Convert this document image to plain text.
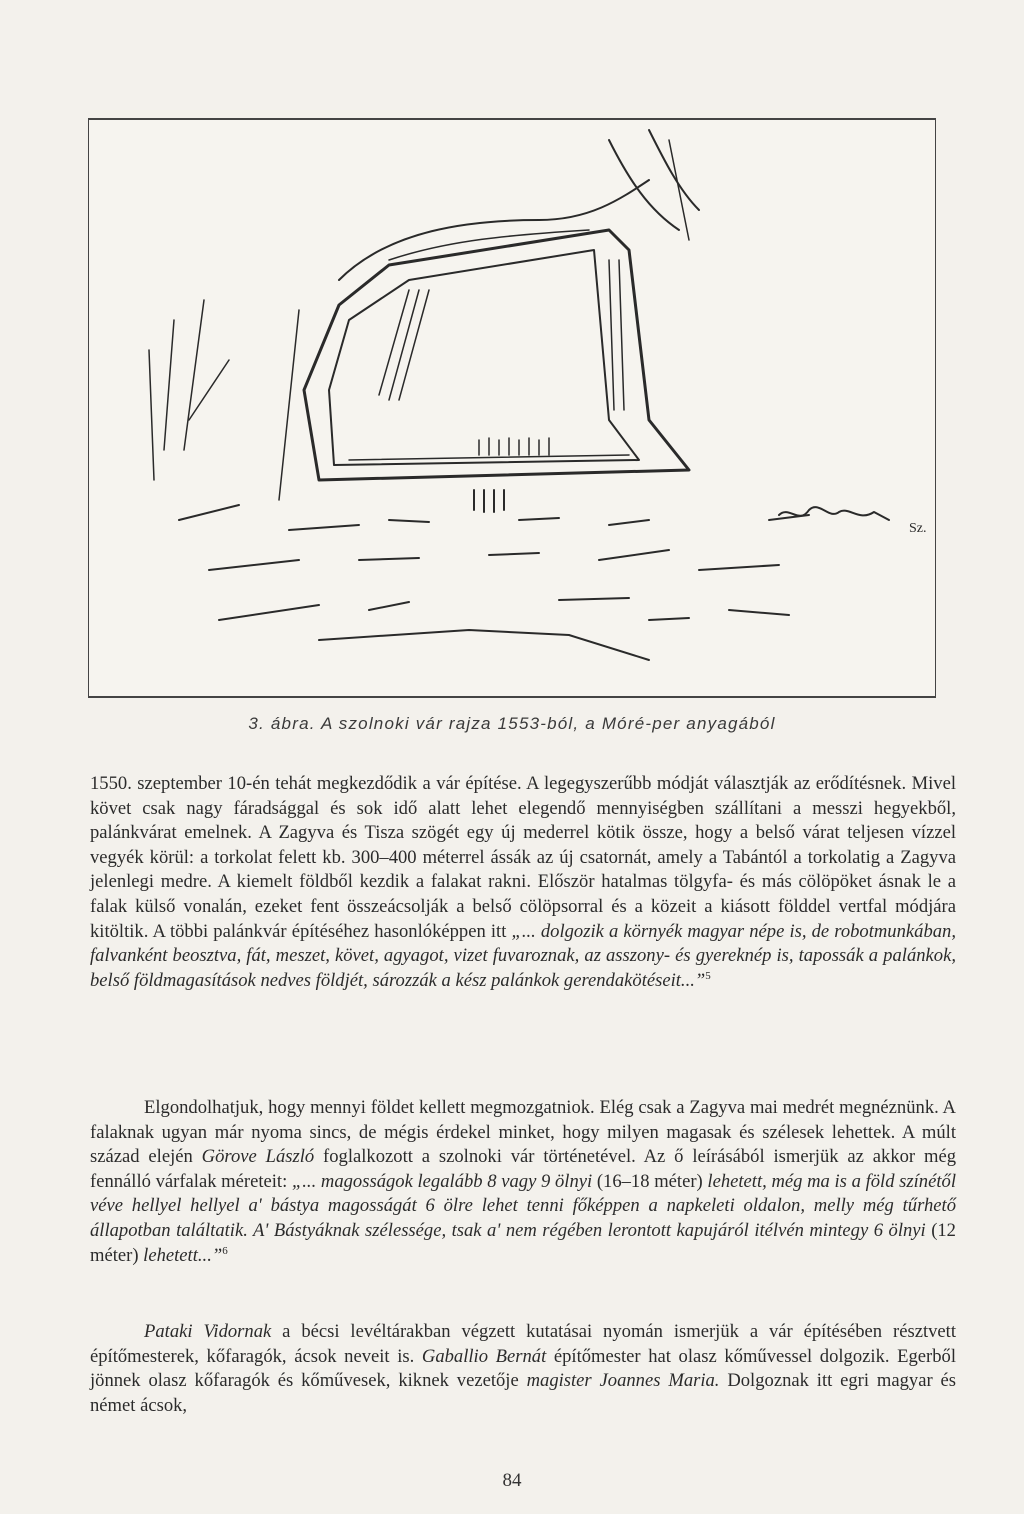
Sz.
3. ábra. A szolnoki vár rajza 1553-ból, a Móré-per anyagából

1550. szeptember 10-én tehát megkezdődik a vár építése. A legegyszerűbb módját választják az erődítésnek. Mivel követ csak nagy fáradsággal és sok idő alatt lehet elegendő mennyiségben szállítani a messzi hegyekből, palánkvárat emelnek. A Zagyva és Tisza szögét egy új mederrel kötik össze, hogy a belső várat teljesen vízzel vegyék körül: a torkolat felett kb. 300–400 méterrel ássák az új csatornát, amely a Tabántól a torkolatig a Zagyva jelenlegi medre. A kiemelt földből kezdik a falakat rakni. Először hatalmas tölgyfa- és más cölöpöket ásnak le a falak külső vonalán, ezeket fent összeácsolják a belső cölöpsorral és a közeit a kiásott földdel vertfal módjára kitöltik. A többi palánkvár építéséhez hasonlóképpen itt „... dolgozik a környék magyar népe is, de robotmunkában, falvanként beosztva, fát, meszet, követ, agyagot, vizet fuvaroznak, az asszony- és gyereknép is, tapossák a palánkok, belső földmagasítások nedves földjét, sározzák a kész palánkok gerendakötéseit...”$^5$

Elgondolhatjuk, hogy mennyi földet kellett megmozgatniok. Elég csak a Zagyva mai medrét megnéznünk. A falaknak ugyan már nyoma sincs, de mégis érdekel minket, hogy milyen magasak és szélesek lehettek. A múlt század elején Görove László foglalkozott a szolnoki vár történetével. Az ő leírásából ismerjük az akkor még fennálló várfalak méreteit: „... magosságok legalább 8 vagy 9 ölnyi (16–18 méter) lehetett, még ma is a föld színétől véve hellyel hellyel a' bástya magosságát 6 ölre lehet tenni főképpen a napkeleti oldalon, melly még tűrhető állapotban találtatik. A' Bástyáknak szélessége, tsak a' nem régében lerontott kapujáról itélvén mintegy 6 ölnyi (12 méter) lehetett...”$^6$

Pataki Vidornak a bécsi levéltárakban végzett kutatásai nyomán ismerjük a vár építésében résztvett építőmesterek, kőfaragók, ácsok neveit is. Gaballio Bernát építőmester hat olasz kőművessel dolgozik. Egerből jönnek olasz kőfaragók és kőművesek, kiknek vezetője magister Joannes Maria. Dolgoznak itt egri magyar és német ácsok,

84
